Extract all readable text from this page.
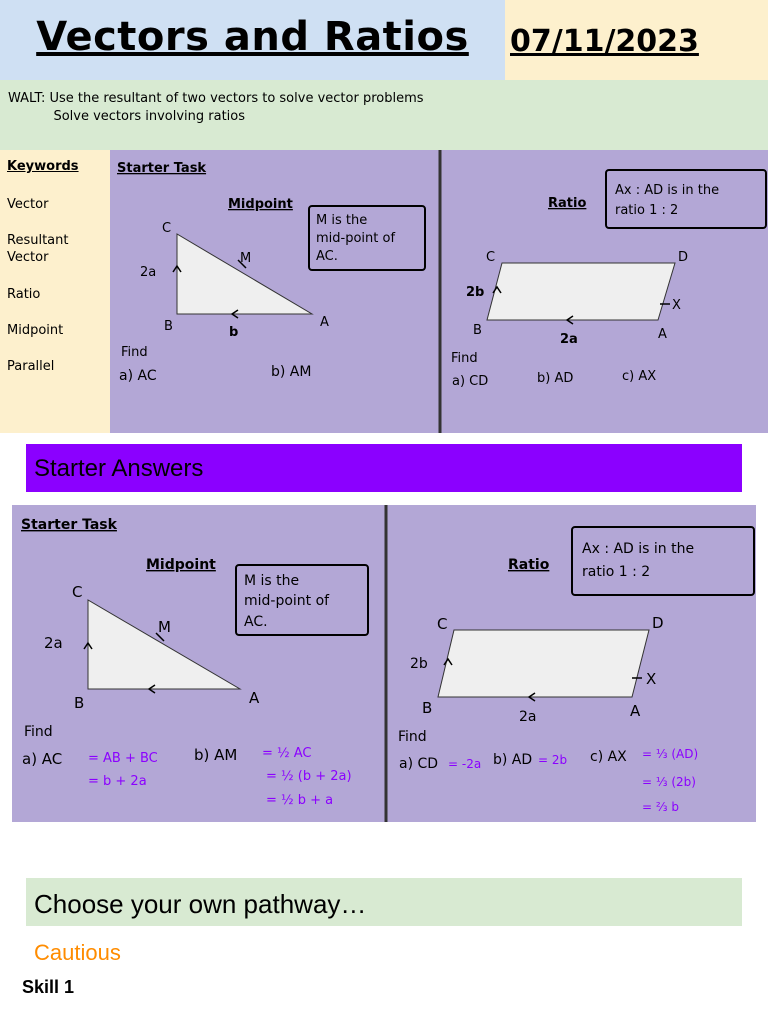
Vectors and Ratios	07/11/2023
WALT: Use the resultant of two vectors to solve vector problems
Solve vectors involving ratios
Keywords
Vector
Resultant Vector
Ratio
Midpoint
Parallel
Starter Task
Midpoint
M is the
mid-point of
AC.
C
B	A
M
2a
b
Find
a) AC	b) AM
Ratio
Ax : AD is in the
ratio 1 : 2
C	D
B	A
X
2b
2a
Find
a) CD	b) AD	c) AX
Starter Answers
Starter Task
Midpoint
M is the
mid-point of
AC.
C
B	A
M
2a
Find
a) AC = AB + BC
= b + 2a
b) AM = ½ AC
= ½ (b + 2a)
= ½ b + a
Ratio
Ax : AD is in the
ratio 1 : 2
C	D
B	A
X
2b
2a
Find
a) CD = -2a b) AD = 2b c) AX = ⅓ (AD)
= ⅓ (2b)
= ⅔ b
Choose your own pathway…
Cautious
Skill 1
